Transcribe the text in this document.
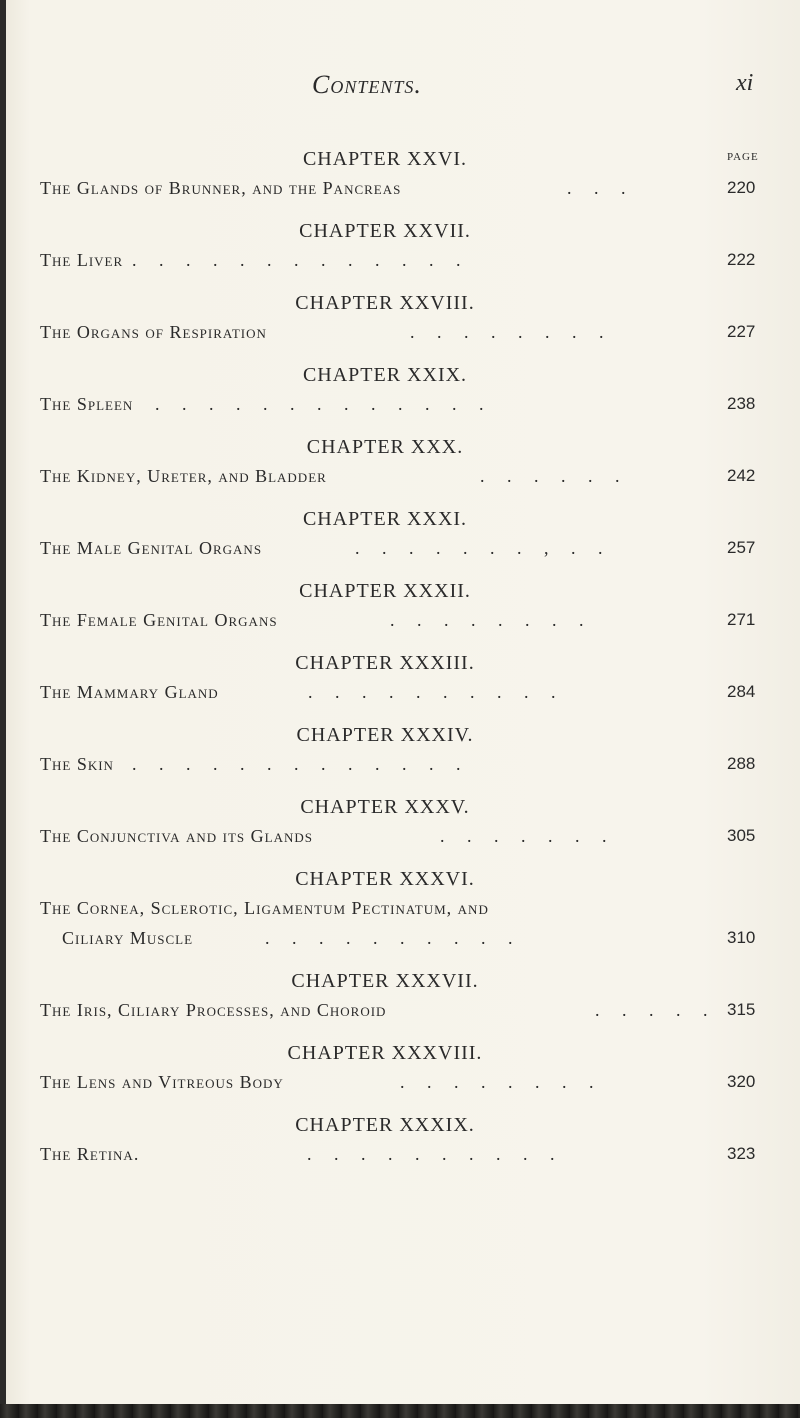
Contents.	xi
PAGE
CHAPTER XXVI.
The Glands of Brunner, and the Pancreas	. . .	220
CHAPTER XXVII.
The Liver . . . . . . . . . . . . .	222
CHAPTER XXVIII.
The Organs of Respiration	. . . . . . . .	227
CHAPTER XXIX.
The Spleen . . . . . . . . . . . . .	238
CHAPTER XXX.
The Kidney, Ureter, and Bladder	. . . . . .	242
CHAPTER XXXI.
The Male Genital Organs	. . . . . . . , . .	257
CHAPTER XXXII.
The Female Genital Organs	. . . . . . . .	271
CHAPTER XXXIII.
The Mammary Gland	. . . . . . . . . .	284
CHAPTER XXXIV.
The Skin . . . . . . . . . . . . .	288
CHAPTER XXXV.
The Conjunctiva and its Glands	. . . . . . .	305
CHAPTER XXXVI.
The Cornea, Sclerotic, Ligamentum Pectinatum, and
Ciliary Muscle	. . . . . . . . . .	310
CHAPTER XXXVII.
The Iris, Ciliary Processes, and Choroid	. . . . . 315
CHAPTER XXXVIII.
The Lens and Vitreous Body	. . . . . . . .	320
CHAPTER XXXIX.
The Retina.	. . . . . . . . . .	323
